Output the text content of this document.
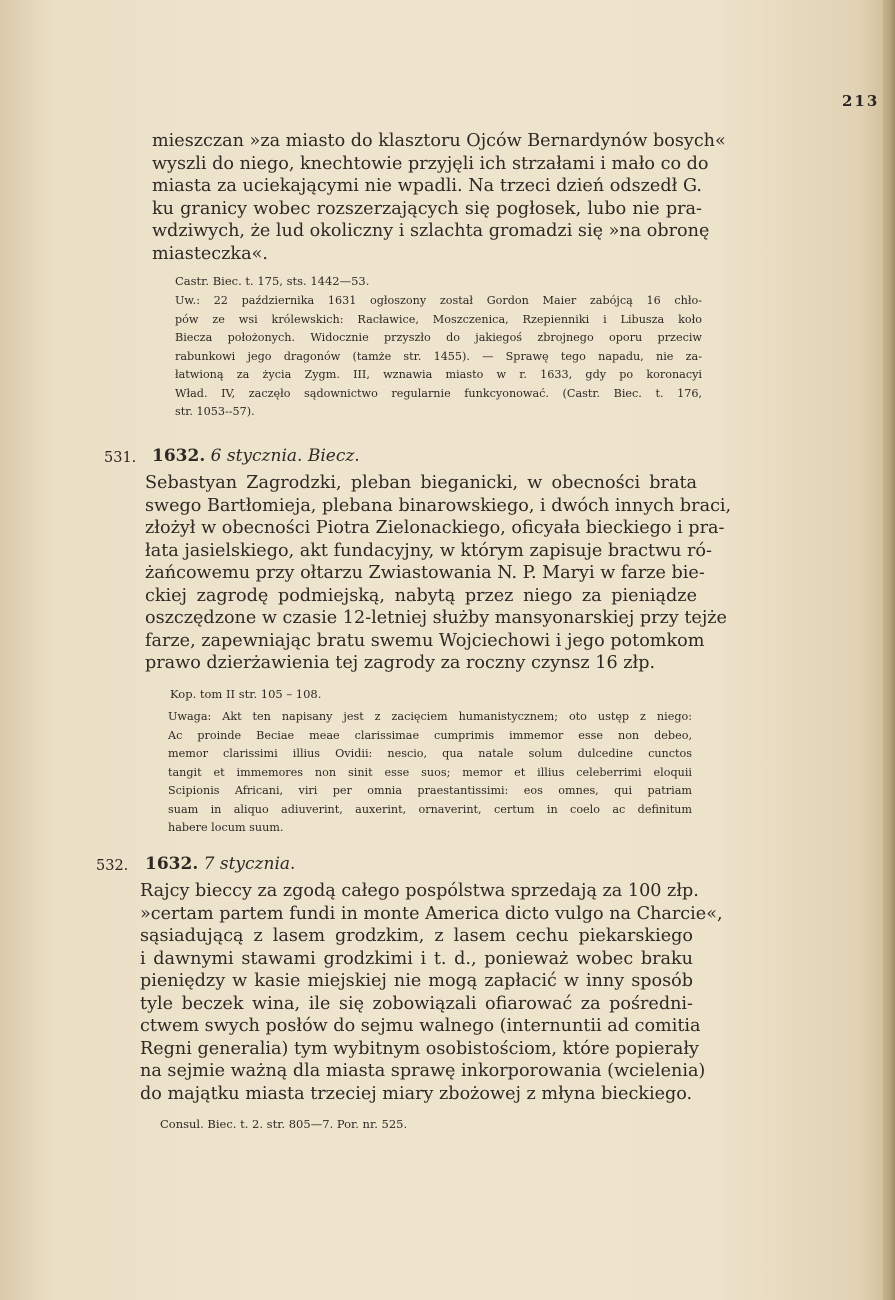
213
mieszczan »za miasto do klasztoru Ojców Bernardynów bosych«
wyszli do niego, knechtowie przyjęli ich strzałami i mało co do
miasta za uciekającymi nie wpadli. Na trzeci dzień odszedł G.
ku granicy wobec rozszerzających się pogłosek, lubo nie pra-
wdziwych, że lud okoliczny i szlachta gromadzi się »na obronę
miasteczka«.
Castr. Biec. t. 175, sts. 1442—53.
Uw.: 22 października 1631 ogłoszony został Gordon Maier zabójcą 16 chło-
pów ze wsi królewskich: Racławice, Moszczenica, Rzepienniki i Libusza koło
Biecza położonych. Widocznie przyszło do jakiegoś zbrojnego oporu przeciw
rabunkowi jego dragonów (tamże str. 1455). — Sprawę tego napadu, nie za-
łatwioną za życia Zygm. III, wznawia miasto w r. 1633, gdy po koronacyi
Wład. IV, zaczęło sądownictwo regularnie funkcyonować. (Castr. Biec. t. 176,
str. 1053--57).
531. 1632. 6 stycznia. Biecz.
Sebastyan Zagrodzki, pleban bieganicki, w obecności brata
swego Bartłomieja, plebana binarowskiego, i dwóch innych braci,
złożył w obecności Piotra Zielonackiego, oficyała bieckiego i pra-
łata jasielskiego, akt fundacyjny, w którym zapisuje bractwu ró-
żańcowemu przy ołtarzu Zwiastowania N. P. Maryi w farze bie-
ckiej zagrodę podmiejską, nabytą przez niego za pieniądze
oszczędzone w czasie 12-letniej służby mansyonarskiej przy tejże
farze, zapewniając bratu swemu Wojciechowi i jego potomkom
prawo dzierżawienia tej zagrody za roczny czynsz 16 złp.
Kop. tom II str. 105 – 108.
Uwaga: Akt ten napisany jest z zacięciem humanistycznem; oto ustęp z niego:
Ac proinde Beciae meae clarissimae cumprimis immemor esse non debeo,
memor clarissimi illius Ovidii: nescio, qua natale solum dulcedine cunctos
tangit et immemores non sinit esse suos; memor et illius celeberrimi eloquii
Scipionis Africani, viri per omnia praestantissimi: eos omnes, qui patriam
suam in aliquo adiuverint, auxerint, ornaverint, certum in coelo ac definitum
habere locum suum.
532. 1632. 7 stycznia.
Rajcy bieccy za zgodą całego pospólstwa sprzedają za 100 złp.
»certam partem fundi in monte America dicto vulgo na Charcie«,
sąsiadującą z lasem grodzkim, z lasem cechu piekarskiego
i dawnymi stawami grodzkimi i t. d., ponieważ wobec braku
pieniędzy w kasie miejskiej nie mogą zapłacić w inny sposób
tyle beczek wina, ile się zobowiązali ofiarować za pośredni-
ctwem swych posłów do sejmu walnego (internuntii ad comitia
Regni generalia) tym wybitnym osobistościom, które popierały
na sejmie ważną dla miasta sprawę inkorporowania (wcielenia)
do majątku miasta trzeciej miary zbożowej z młyna bieckiego.
Consul. Biec. t. 2. str. 805—7. Por. nr. 525.
